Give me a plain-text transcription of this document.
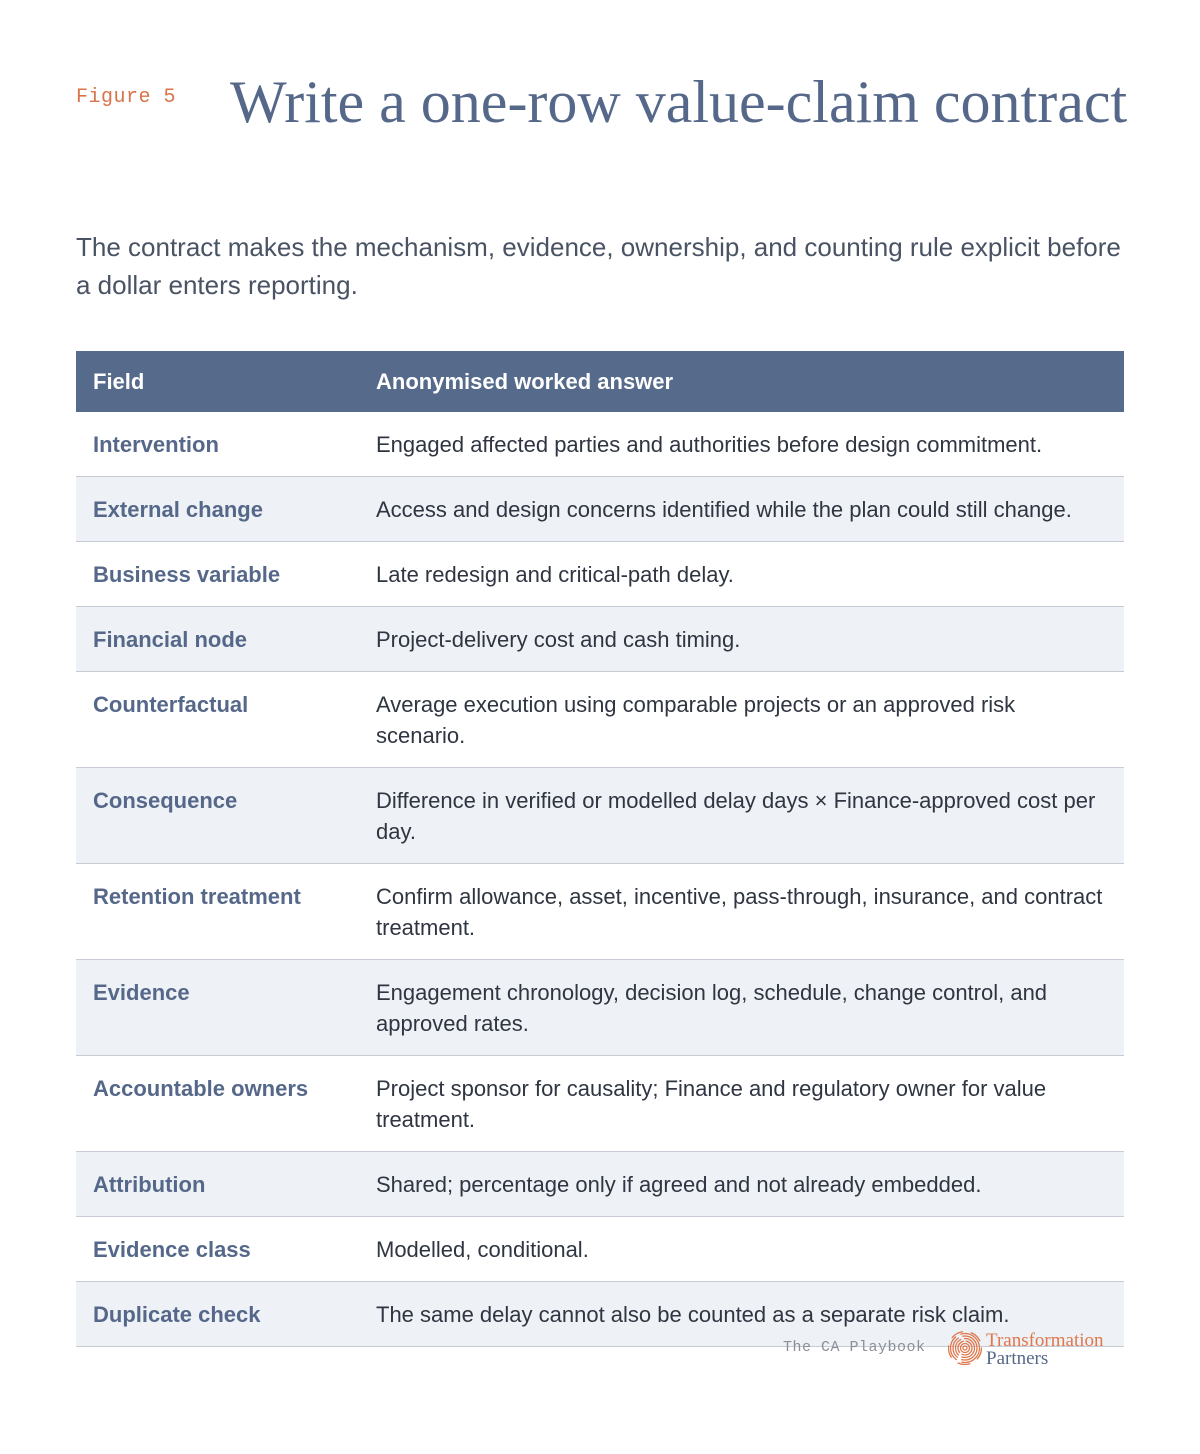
Figure 5 Write a one-row value-claim contract

The contract makes the mechanism, evidence, ownership, and counting rule explicit before a dollar enters reporting.

Field	Anonymised worked answer
Intervention	Engaged affected parties and authorities before design commitment.
External change	Access and design concerns identified while the plan could still change.
Business variable	Late redesign and critical-path delay.
Financial node	Project-delivery cost and cash timing.
Counterfactual	Average execution using comparable projects or an approved risk scenario.
Consequence	Difference in verified or modelled delay days × Finance-approved cost per day.
Retention treatment	Confirm allowance, asset, incentive, pass-through, insurance, and contract treatment.
Evidence	Engagement chronology, decision log, schedule, change control, and approved rates.
Accountable owners	Project sponsor for causality; Finance and regulatory owner for value treatment.
Attribution	Shared; percentage only if agreed and not already embedded.
Evidence class	Modelled, conditional.
Duplicate check	The same delay cannot also be counted as a separate risk claim.
The CA Playbook	Transformation
Partners
